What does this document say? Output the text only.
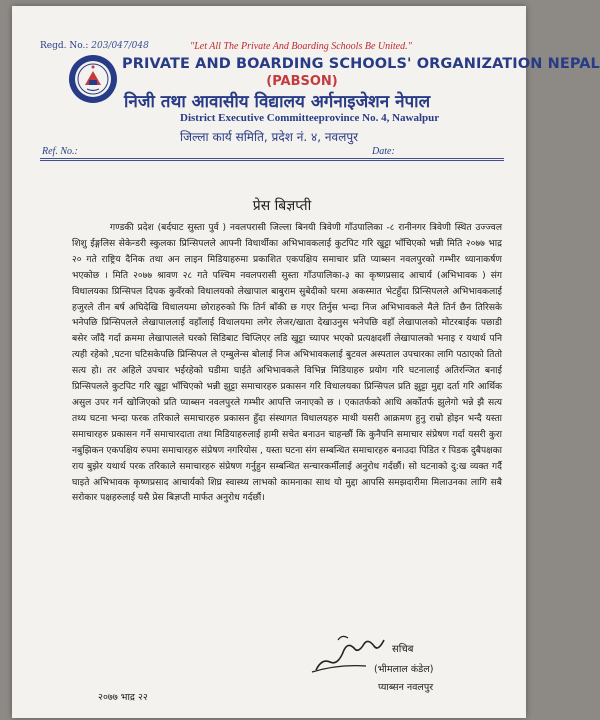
Regd. No.: 203/047/048	"Let All The Private And Boarding Schools Be United."
PRIVATE AND BOARDING SCHOOLS' ORGANIZATION NEPAL
(PABSON)
निजी तथा आवासीय विद्यालय अर्गनाइजेशन नेपाल
District Executive Committeeprovince No. 4, Nawalpur
जिल्ला कार्य समिति, प्रदेश नं. ४, नवलपुर
Ref. No.:	Date:
प्रेस बिज्ञप्ती

गण्डकी प्रदेश (बर्दघाट सुस्ता पुर्व ) नवलपरासी जिल्ला बिनयी त्रिवेणी गाँउपालिका -८ रानीनगर त्रिवेणी स्थित उज्ज्वल शिशु ईङ्गलिस सेकेन्डरी स्कुलका प्रिन्सिपलले आफ्नी विधार्थीका अभिभावकलाई कुटपिट गरि खुट्टा भाँचिएको भन्नी मिति २०७७ भाद्र २० गते राष्ट्रिय दैनिक तथा अन लाइन मिडियाहरुमा प्रकाशित एकपक्षिय समाचार प्रति प्याब्सन नवलपुरको गम्भीर ध्यानाकर्षण भएकोछ । मिति २०७७ श्रावण २८ गते पश्चिम नवलपरासी सुस्ता गाँउपालिका-३ का कृष्णप्रसाद आचार्य (अभिभावक ) संग विधालयका प्रिन्सिपल दिपक कुवँरको विधालयको लेखापाल बाबुराम सुबेदीको घरमा अकस्मात भेटहुँदा प्रिन्सिपलले अभिभावकलाई हजुरले तीन बर्ष अघिदेखि विधालयमा छोराहरुको फि तिर्न बाँकी छ गएर तिर्नुस भन्दा निज अभिभावकले मैले तिर्न छैन तिरिसके भनेपछि प्रिन्सिपलले लेखापाललाई वहाँलाई विधालयमा लगेर लेजर/खाता देखाउनुस भनेपछि वहाँ लेखापालको मोटरबाईक पछाडी बसेर जाँदै गर्दा क्रममा लेखापालले घरको सिडिबाट चिप्लिएर लडि खुट्टा च्यापर भएको प्रत्यक्षदर्शी लेखापालको भनाइ र यथार्थ पनि त्यही रहेको ,घटना घटिसकेपछि प्रिन्सिपल ले एम्बुलेन्स बोलाई निज अभिभावकलाई बुटवल अस्पताल उपचारका लागि पठाएको तितो सत्य हो। तर अहिले उपचार भईरहेको घडीमा घाईते अभिभावकले विभिन्न मिडियाहरु प्रयोग गरि घटनालाई अतिरन्जित बनाई प्रिन्सिपलले कुटपिट गरि खुट्टा भाँचिएको भन्नी झुट्टा समाचारहरु प्रकासन गरि विधालयका प्रिन्सिपल प्रति झुट्टा मुद्दा दर्ता गरि आर्थिक असुल उपर गर्न खोजिएको प्रति प्याब्सन नवलपुरले गम्भीर आपत्ति जनाएको छ । एकातर्फको आधि अर्कोतर्फ झुलेगो भन्ने झै सत्य तथ्य घटना भन्दा फरक तरिकाले समाचारहरु प्रकासन हुँदा संस्थागत विधालयहरु माथी यसरी आक्रमण हुनु राम्रो होइन भन्दै यस्ता समाचारहरु प्रकासन गर्ने समाचारदाता तथा मिडियाहरुलाई हामी सचेत बनाउन चाहन्छौं कि कुनैपनि समाचार संप्रेषण गर्दा यसरी कुरा नबुझिकन एकपक्षिय रुपमा समाचारहरु संप्रेषण नगरियोस , यस्ता घटना संग सम्बन्धित समाचारहरु बनाउदा पिडित र पिडक दुबैपक्षका राय बुझेर यथार्थ परक तरिकाले समाचारहरु संप्रेषण गर्नुहुन सम्बन्धित सन्चारकर्मीलाई अनुरोध गर्दछौं। सो घटनाको दु:ख व्यक्त गर्दै घाइते अभिभावक कृष्णप्रसाद आचार्यको शिघ्र स्वास्थ्य लाभको कामनाका साथ यो मुद्दा आपसि समझदारीमा मिलाउनका लागि सबै सरोकार पक्षहरुलाई यसै प्रेस बिज्ञप्ती मार्फत अनुरोध गर्दछौं।

सचिब
(भीमलाल कंडेल)
प्याब्सन नवलपुर
२०७७ भाद्र २२
